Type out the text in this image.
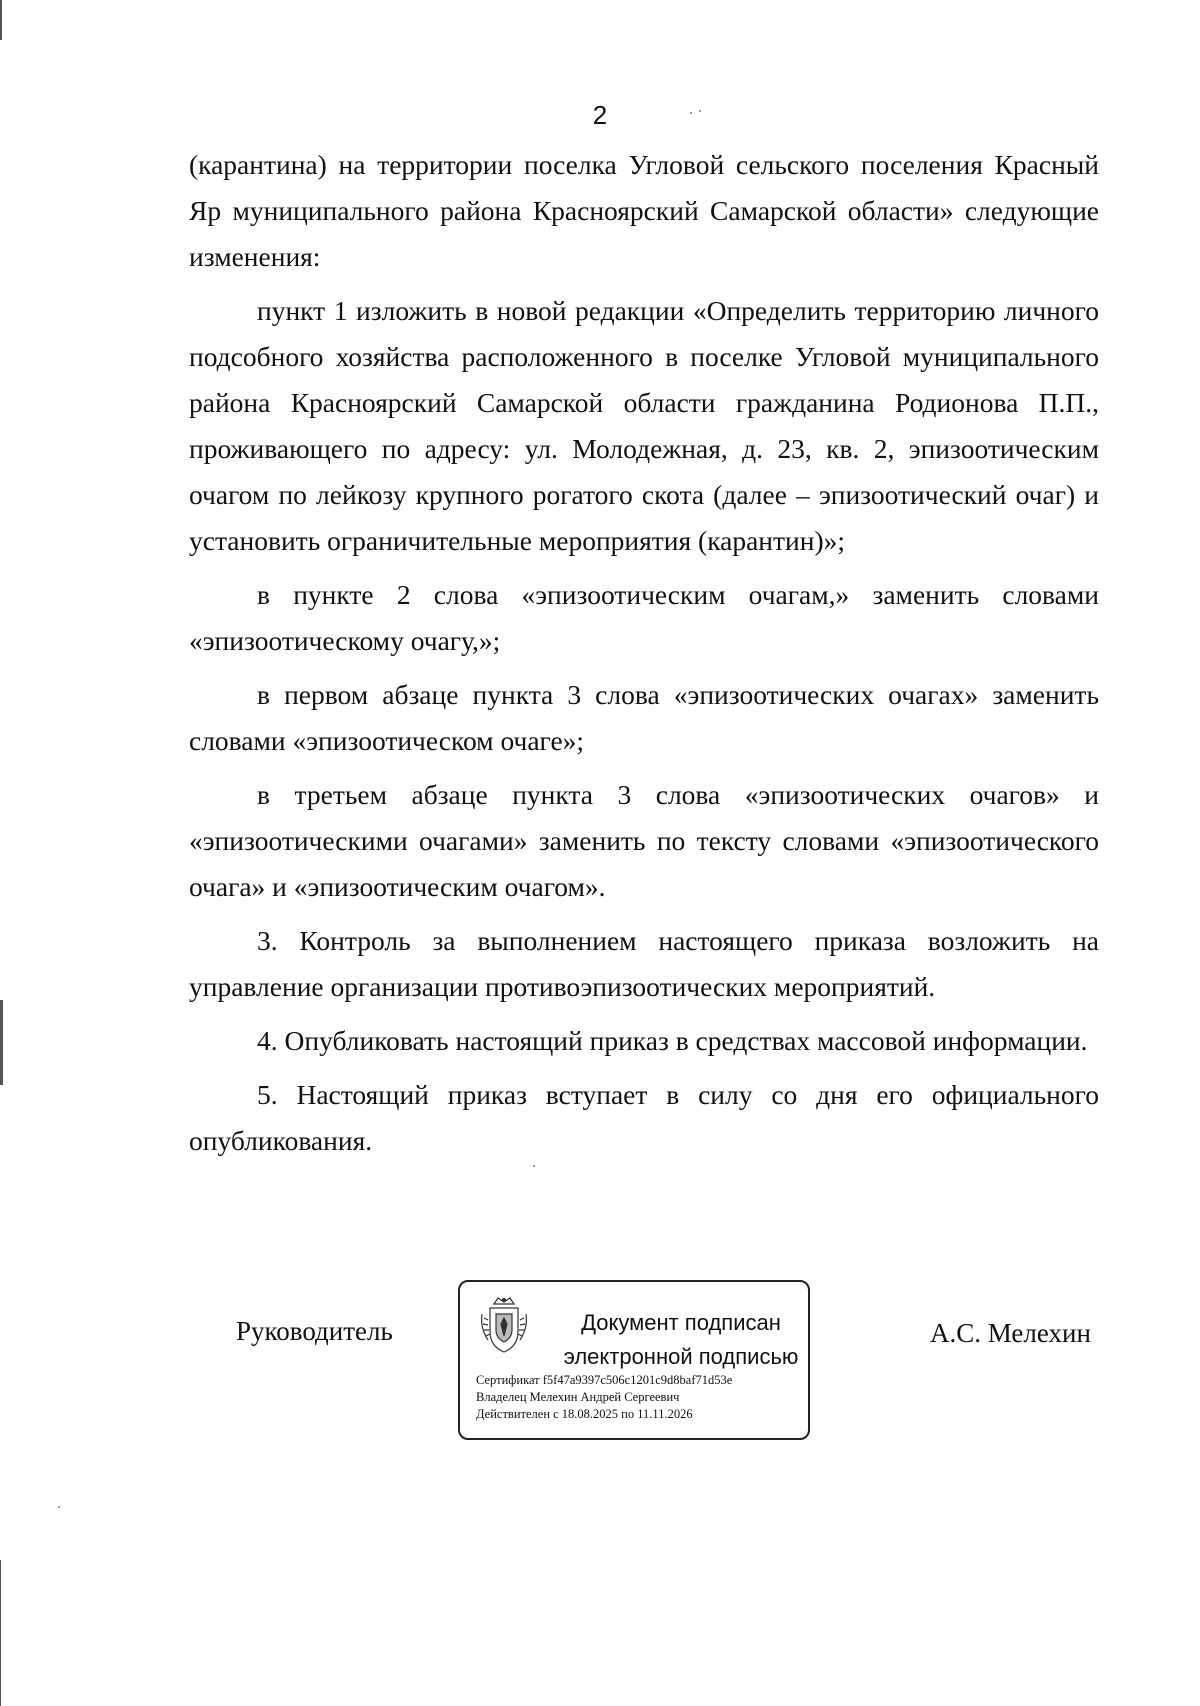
2

(карантина) на территории поселка Угловой сельского поселения Красный Яр муниципального района Красноярский Самарской области» следующие изменения:

пункт 1 изложить в новой редакции «Определить территорию личного подсобного хозяйства расположенного в поселке Угловой муниципального района Красноярский Самарской области гражданина Родионова П.П., проживающего по адресу: ул. Молодежная, д. 23, кв. 2, эпизоотическим очагом по лейкозу крупного рогатого скота (далее – эпизоотический очаг) и установить ограничительные мероприятия (карантин)»;

в пункте 2 слова «эпизоотическим очагам,» заменить словами «эпизоотическому очагу,»;

в первом абзаце пункта 3 слова «эпизоотических очагах» заменить словами «эпизоотическом очаге»;

в третьем абзаце пункта 3 слова «эпизоотических очагов» и «эпизоотическими очагами» заменить по тексту словами «эпизоотического очага» и «эпизоотическим очагом».

3. Контроль за выполнением настоящего приказа возложить на управление организации противоэпизоотических мероприятий.

4. Опубликовать настоящий приказ в средствах массовой информации.

5. Настоящий приказ вступает в силу со дня его официального опубликования.

Руководитель	Документ подписан
электронной подписью
Сертификат f5f47a9397c506c1201c9d8baf71d53e
Владелец Мелехин Андрей Сергеевич
Действителен с 18.08.2025 по 11.11.2026
А.С. Мелехин
